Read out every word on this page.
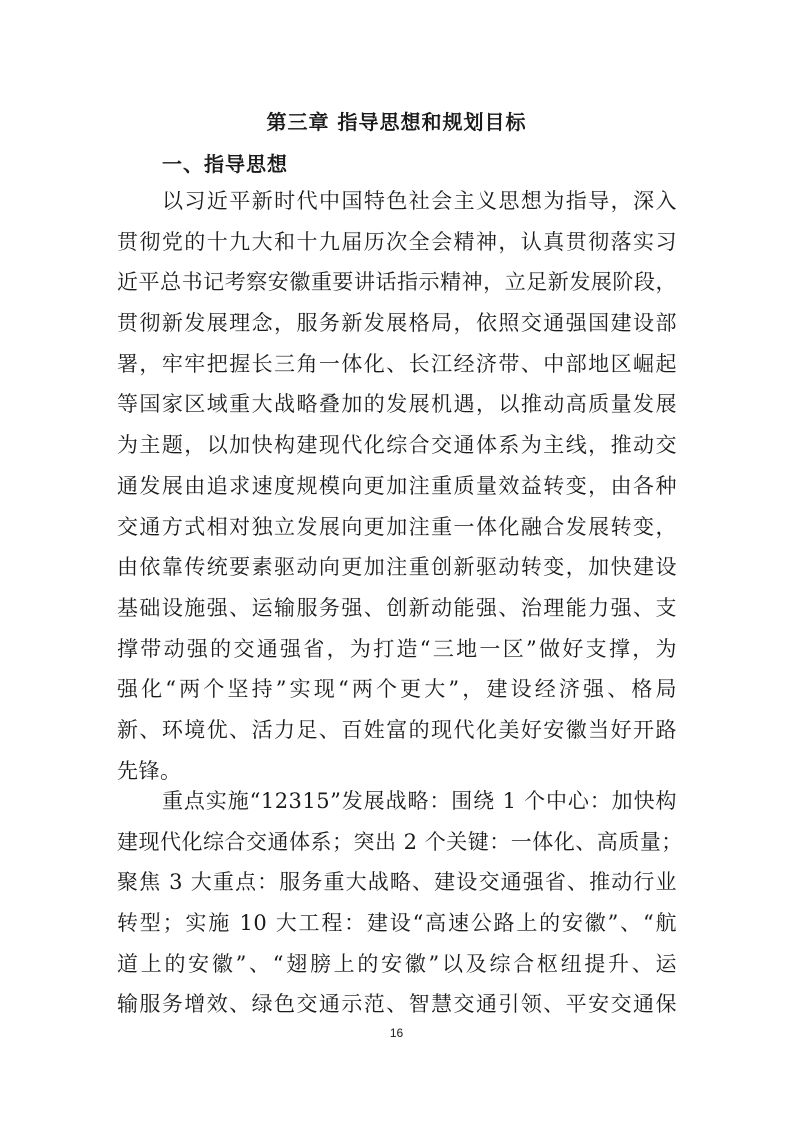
第三章 指导思想和规划目标
一、指导思想
以习近平新时代中国特色社会主义思想为指导，深入
贯彻党的十九大和十九届历次全会精神，认真贯彻落实习
近平总书记考察安徽重要讲话指示精神，立足新发展阶段，
贯彻新发展理念，服务新发展格局，依照交通强国建设部
署，牢牢把握长三角一体化、长江经济带、中部地区崛起
等国家区域重大战略叠加的发展机遇，以推动高质量发展
为主题，以加快构建现代化综合交通体系为主线，推动交
通发展由追求速度规模向更加注重质量效益转变，由各种
交通方式相对独立发展向更加注重一体化融合发展转变，
由依靠传统要素驱动向更加注重创新驱动转变，加快建设
基础设施强、运输服务强、创新动能强、治理能力强、支
撑带动强的交通强省，为打造“三地一区”做好支撑，为
强化“两个坚持”实现“两个更大”，建设经济强、格局
新、环境优、活力足、百姓富的现代化美好安徽当好开路
先锋。
重点实施“12315”发展战略：围绕 1 个中心：加快构
建现代化综合交通体系；突出 2 个关键：一体化、高质量；
聚焦 3 大重点：服务重大战略、建设交通强省、推动行业
转型；实施 10 大工程：建设“高速公路上的安徽”、“航
道上的安徽”、“翅膀上的安徽”以及综合枢纽提升、运
输服务增效、绿色交通示范、智慧交通引领、平安交通保
16
